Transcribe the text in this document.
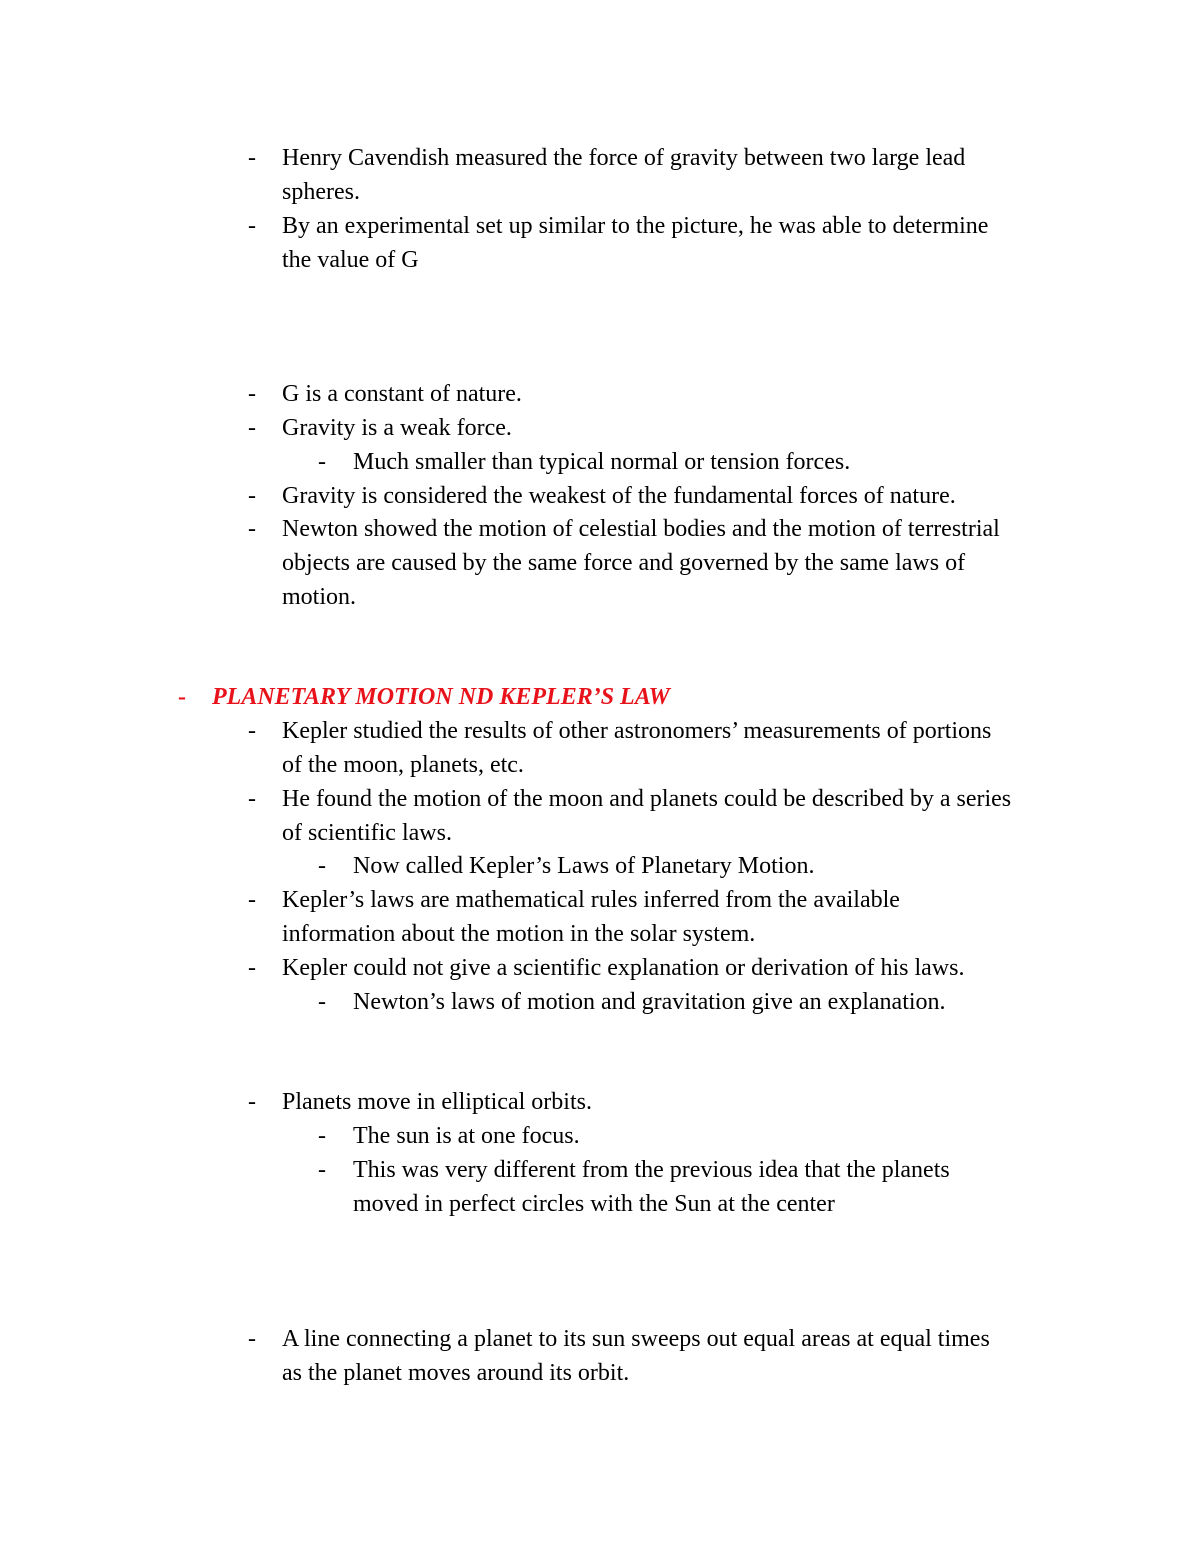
- Henry Cavendish measured the force of gravity between two large lead
spheres.
- By an experimental set up similar to the picture, he was able to determine
the value of G
- G is a constant of nature.
- Gravity is a weak force.
- Much smaller than typical normal or tension forces.
- Gravity is considered the weakest of the fundamental forces of nature.
- Newton showed the motion of celestial bodies and the motion of terrestrial
objects are caused by the same force and governed by the same laws of
motion.
- PLANETARY MOTION ND KEPLER’S LAW
- Kepler studied the results of other astronomers’ measurements of portions
of the moon, planets, etc.
- He found the motion of the moon and planets could be described by a series
of scientific laws.
- Now called Kepler’s Laws of Planetary Motion.
- Kepler’s laws are mathematical rules inferred from the available
information about the motion in the solar system.
- Kepler could not give a scientific explanation or derivation of his laws.
- Newton’s laws of motion and gravitation give an explanation.
- Planets move in elliptical orbits.
- The sun is at one focus.
- This was very different from the previous idea that the planets
moved in perfect circles with the Sun at the center
- A line connecting a planet to its sun sweeps out equal areas at equal times
as the planet moves around its orbit.
